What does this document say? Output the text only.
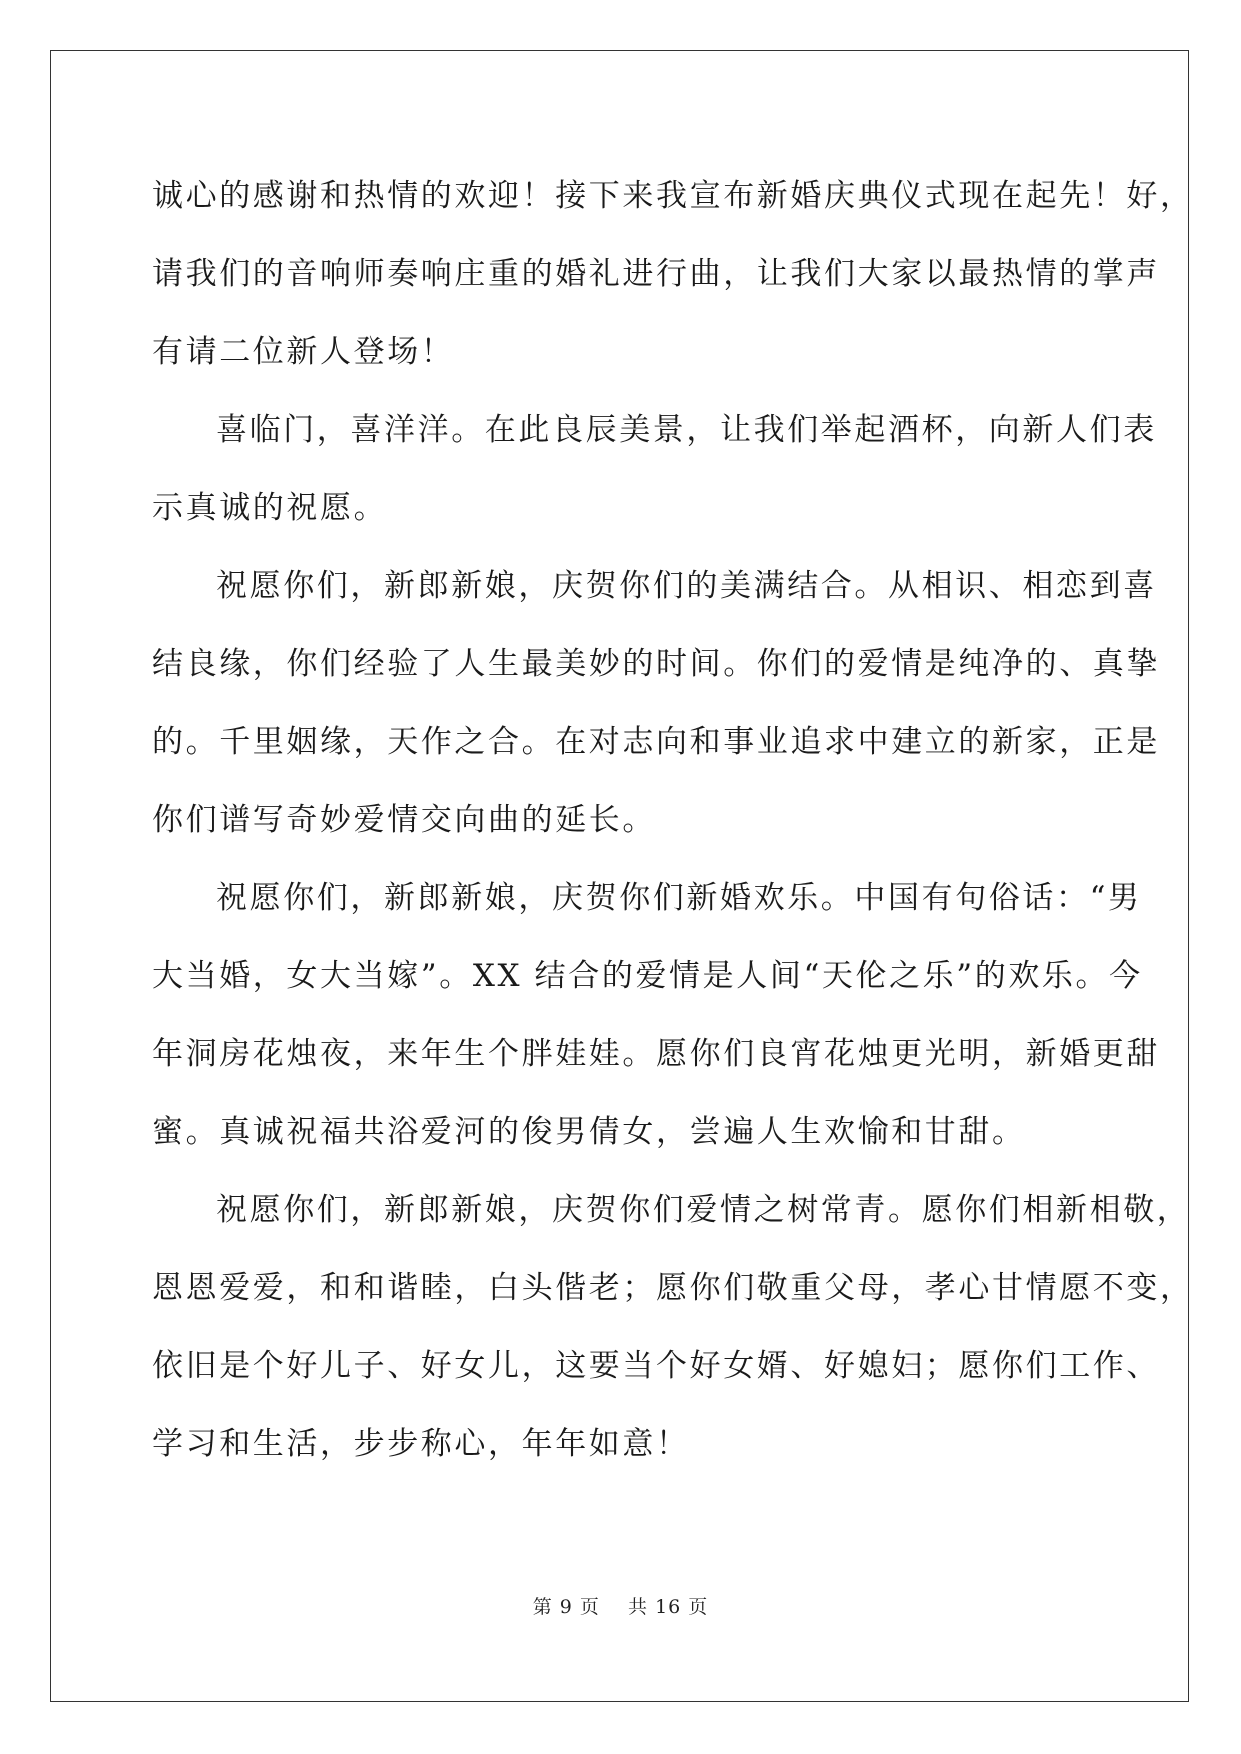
诚心的感谢和热情的欢迎！接下来我宣布新婚庆典仪式现在起先！好，
请我们的音响师奏响庄重的婚礼进行曲，让我们大家以最热情的掌声
有请二位新人登场！
喜临门，喜洋洋。在此良辰美景，让我们举起酒杯，向新人们表
示真诚的祝愿。
祝愿你们，新郎新娘，庆贺你们的美满结合。从相识、相恋到喜
结良缘，你们经验了人生最美妙的时间。你们的爱情是纯净的、真挚
的。千里姻缘，天作之合。在对志向和事业追求中建立的新家，正是
你们谱写奇妙爱情交向曲的延长。
祝愿你们，新郎新娘，庆贺你们新婚欢乐。中国有句俗话：“男
大当婚，女大当嫁”。XX 结合的爱情是人间“天伦之乐”的欢乐。今
年洞房花烛夜，来年生个胖娃娃。愿你们良宵花烛更光明，新婚更甜
蜜。真诚祝福共浴爱河的俊男倩女，尝遍人生欢愉和甘甜。
祝愿你们，新郎新娘，庆贺你们爱情之树常青。愿你们相新相敬，
恩恩爱爱，和和谐睦，白头偕老；愿你们敬重父母，孝心甘情愿不变，
依旧是个好儿子、好女儿，这要当个好女婿、好媳妇；愿你们工作、
学习和生活，步步称心，年年如意！
第 9 页 共 16 页
